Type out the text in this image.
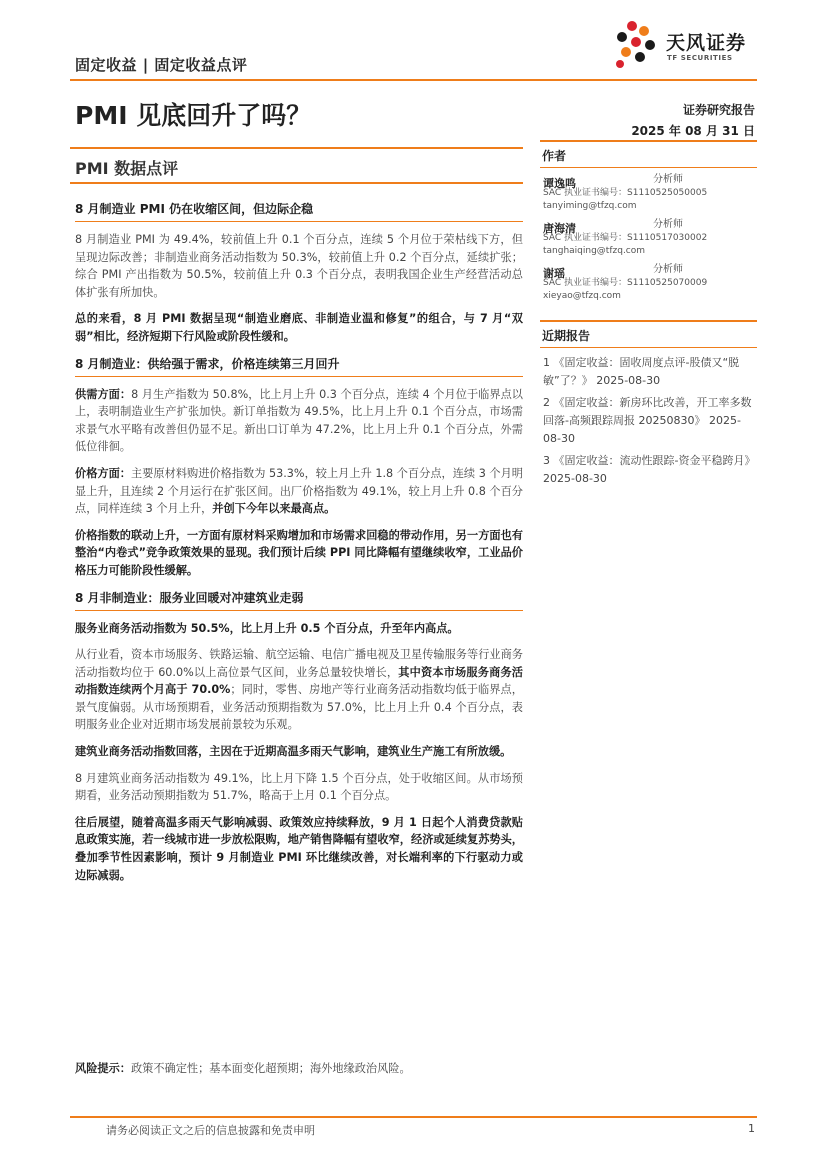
固定收益 | 固定收益点评
天风证券
TF SECURITIES
PMI 见底回升了吗？	证券研究报告
2025 年 08 月 31 日
PMI 数据点评
8 月制造业 PMI 仍在收缩区间，但边际企稳
8 月制造业 PMI 为 49.4%，较前值上升 0.1 个百分点，连续 5 个月位于荣枯线下方，但呈现边际改善；非制造业商务活动指数为 50.3%，较前值上升 0.2 个百分点，延续扩张；综合 PMI 产出指数为 50.5%，较前值上升 0.3 个百分点，表明我国企业生产经营活动总体扩张有所加快。
总的来看，8 月 PMI 数据呈现“制造业磨底、非制造业温和修复”的组合，与 7 月“双弱”相比，经济短期下行风险或阶段性缓和。
8 月制造业：供给强于需求，价格连续第三月回升
供需方面：8 月生产指数为 50.8%，比上月上升 0.3 个百分点，连续 4 个月位于临界点以上，表明制造业生产扩张加快。新订单指数为 49.5%，比上月上升 0.1 个百分点，市场需求景气水平略有改善但仍显不足。新出口订单为 47.2%，比上月上升 0.1 个百分点，外需低位徘徊。
价格方面：主要原材料购进价格指数为 53.3%，较上月上升 1.8 个百分点，连续 3 个月明显上升，且连续 2 个月运行在扩张区间。出厂价格指数为 49.1%，较上月上升 0.8 个百分点，同样连续 3 个月上升，并创下今年以来最高点。
价格指数的联动上升，一方面有原材料采购增加和市场需求回稳的带动作用，另一方面也有整治“内卷式”竞争政策效果的显现。我们预计后续 PPI 同比降幅有望继续收窄，工业品价格压力可能阶段性缓解。
8 月非制造业：服务业回暖对冲建筑业走弱
服务业商务活动指数为 50.5%，比上月上升 0.5 个百分点，升至年内高点。
从行业看，资本市场服务、铁路运输、航空运输、电信广播电视及卫星传输服务等行业商务活动指数均位于 60.0%以上高位景气区间，业务总量较快增长，其中资本市场服务商务活动指数连续两个月高于 70.0%；同时，零售、房地产等行业商务活动指数均低于临界点，景气度偏弱。从市场预期看，业务活动预期指数为 57.0%，比上月上升 0.4 个百分点，表明服务业企业对近期市场发展前景较为乐观。
建筑业商务活动指数回落，主因在于近期高温多雨天气影响，建筑业生产施工有所放缓。
8 月建筑业商务活动指数为 49.1%，比上月下降 1.5 个百分点，处于收缩区间。从市场预期看，业务活动预期指数为 51.7%，略高于上月 0.1 个百分点。
往后展望，随着高温多雨天气影响减弱、政策效应持续释放，9 月 1 日起个人消费贷款贴息政策实施，若一线城市进一步放松限购，地产销售降幅有望收窄，经济或延续复苏势头，叠加季节性因素影响，预计 9 月制造业 PMI 环比继续改善，对长端利率的下行驱动力或边际减弱。
作者
谭逸鸣	分析师
SAC 执业证书编号：S1110525050005
tanyiming@tfzq.com
唐海清	分析师
SAC 执业证书编号：S1110517030002
tanghaiqing@tfzq.com
谢瑶	分析师
SAC 执业证书编号：S1110525070009
xieyao@tfzq.com
近期报告
1 《固定收益：固收周度点评-股债又“脱敏”了？》 2025-08-30
2 《固定收益：新房环比改善，开工率多数回落-高频跟踪周报 20250830》 2025-08-30
3 《固定收益：流动性跟踪-资金平稳跨月》 2025-08-30
风险提示：政策不确定性；基本面变化超预期；海外地缘政治风险。
请务必阅读正文之后的信息披露和免责申明	1
